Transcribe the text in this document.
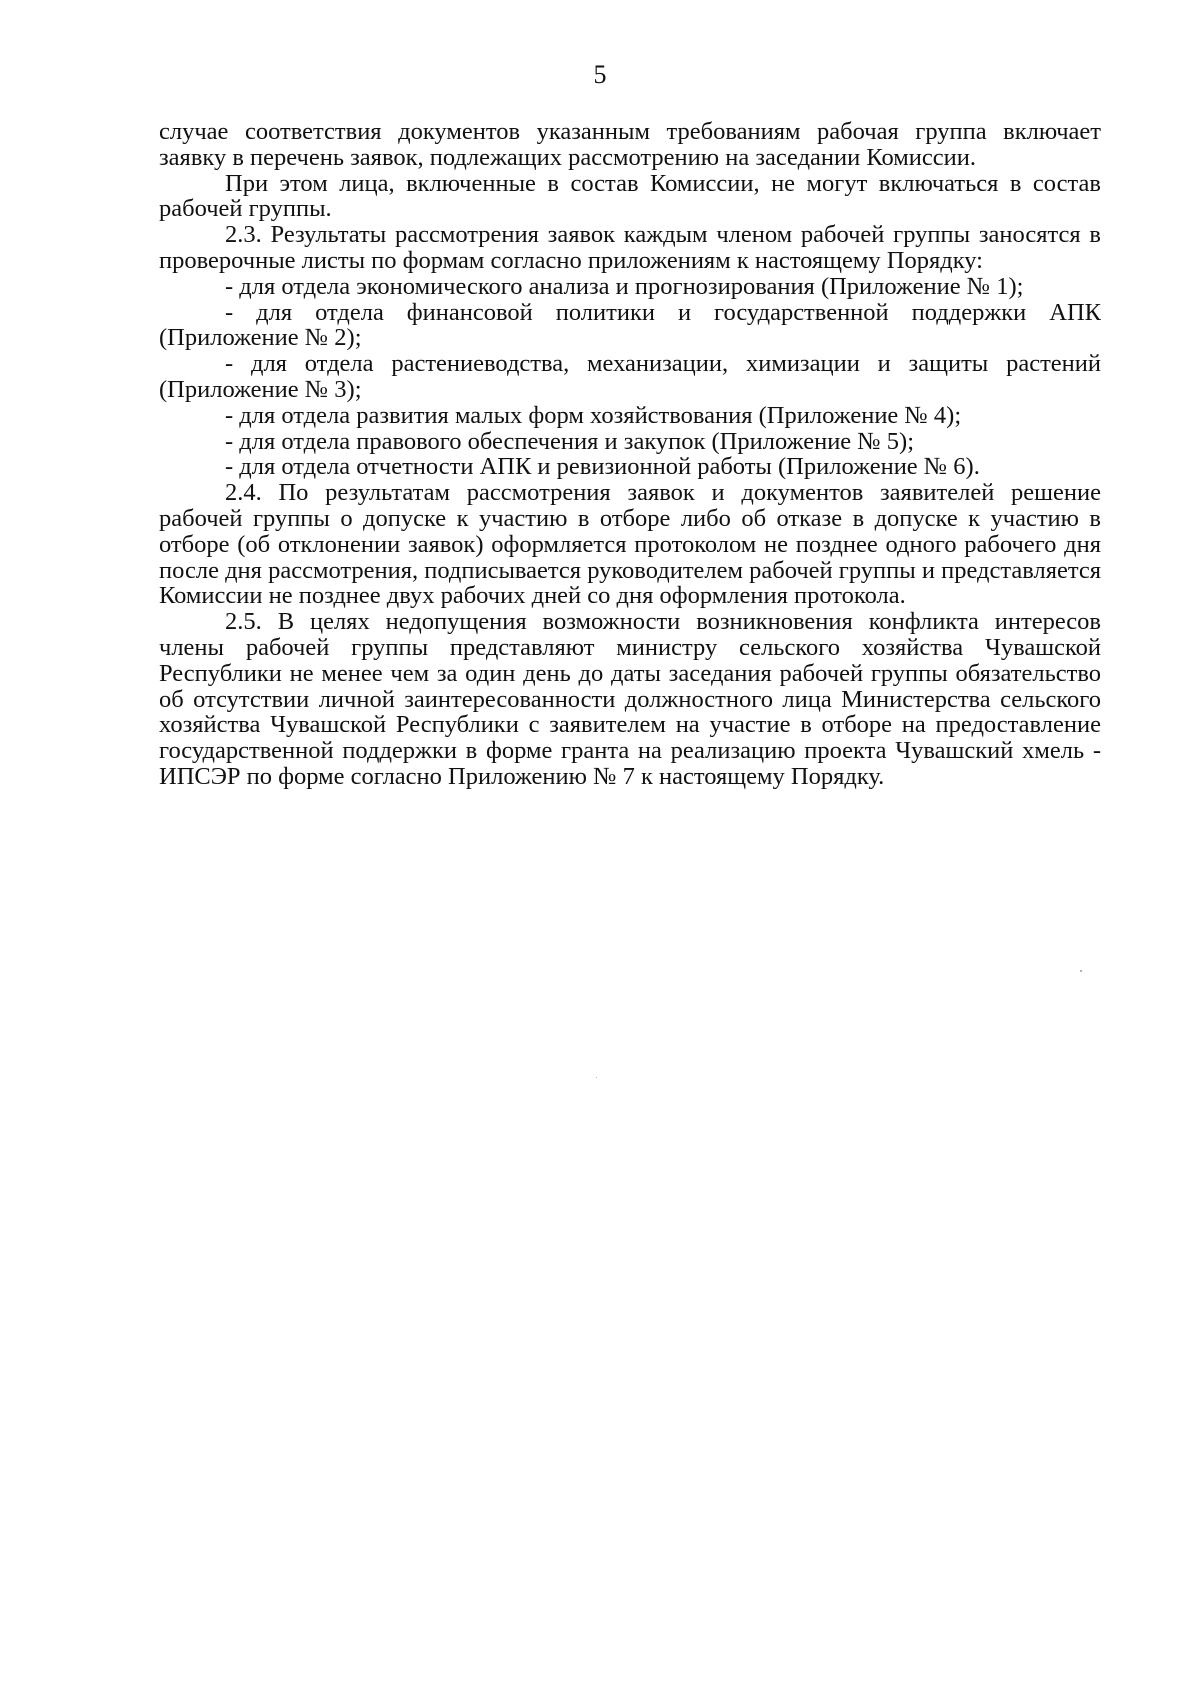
5

случае соответствия документов указанным требованиям рабочая группа включает заявку в перечень заявок, подлежащих рассмотрению на заседании Комиссии.

При этом лица, включенные в состав Комиссии, не могут включаться в состав рабочей группы.

2.3. Результаты рассмотрения заявок каждым членом рабочей группы заносятся в проверочные листы по формам согласно приложениям к настоящему Порядку:

- для отдела экономического анализа и прогнозирования (Приложение № 1);

- для отдела финансовой политики и государственной поддержки АПК (Приложение № 2);

- для отдела растениеводства, механизации, химизации и защиты растений (Приложение № 3);

- для отдела развития малых форм хозяйствования (Приложение № 4);

- для отдела правового обеспечения и закупок (Приложение № 5);

- для отдела отчетности АПК и ревизионной работы (Приложение № 6).

2.4. По результатам рассмотрения заявок и документов заявителей решение рабочей группы о допуске к участию в отборе либо об отказе в допуске к участию в отборе (об отклонении заявок) оформляется протоколом не позднее одного рабочего дня после дня рассмотрения, подписывается руководителем рабочей группы и представляется Комиссии не позднее двух рабочих дней со дня оформления протокола.

2.5. В целях недопущения возможности возникновения конфликта интересов члены рабочей группы представляют министру сельского хозяйства Чувашской Республики не менее чем за один день до даты заседания рабочей группы обязательство об отсутствии личной заинтересованности должностного лица Министерства сельского хозяйства Чувашской Республики с заявителем на участие в отборе на предоставление государственной поддержки в форме гранта на реализацию проекта Чувашский хмель - ИПСЭР по форме согласно Приложению № 7 к настоящему Порядку.
